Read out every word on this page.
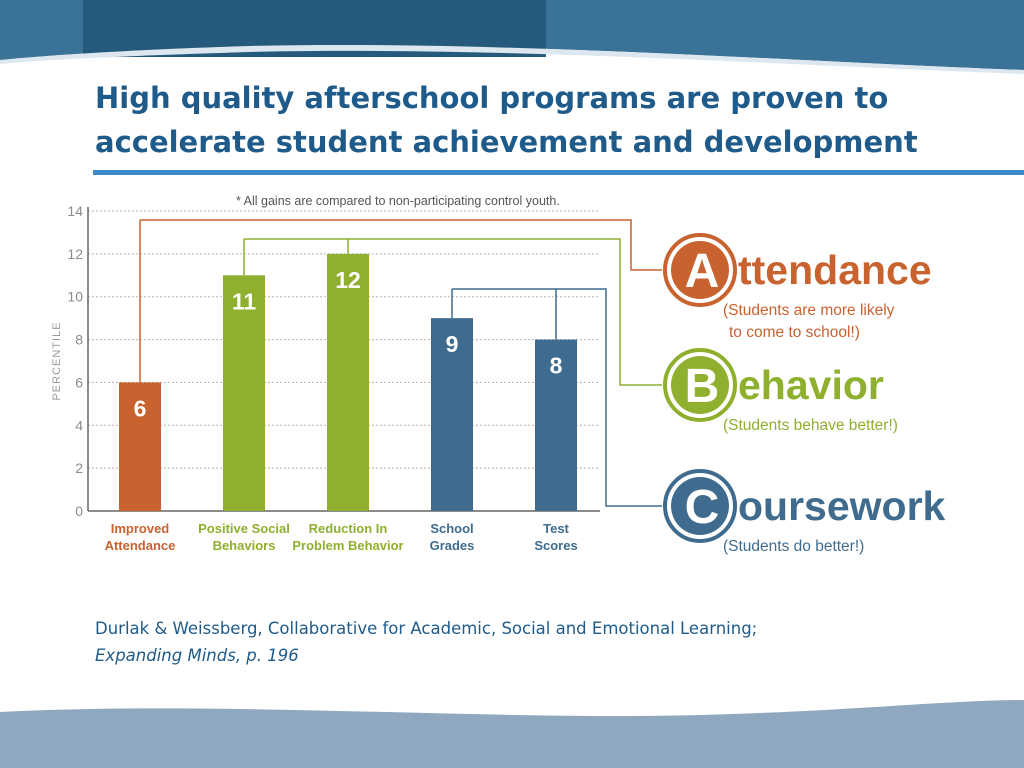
High quality afterschool programs are proven to
accelerate student achievement and development
0
2
4
6
8
10
12
14
PERCENTILE
* All gains are compared to non-participating control youth.
6
Improved
Attendance
11
Positive Social
Behaviors
12
Reduction In
Problem Behavior
9
School
Grades
8
Test
Scores
A ttendance
(Students are more likely
to come to school!)
B ehavior
(Students behave better!)
C oursework
(Students do better!)
Durlak & Weissberg, Collaborative for Academic, Social and Emotional Learning;
Expanding Minds, p. 196
